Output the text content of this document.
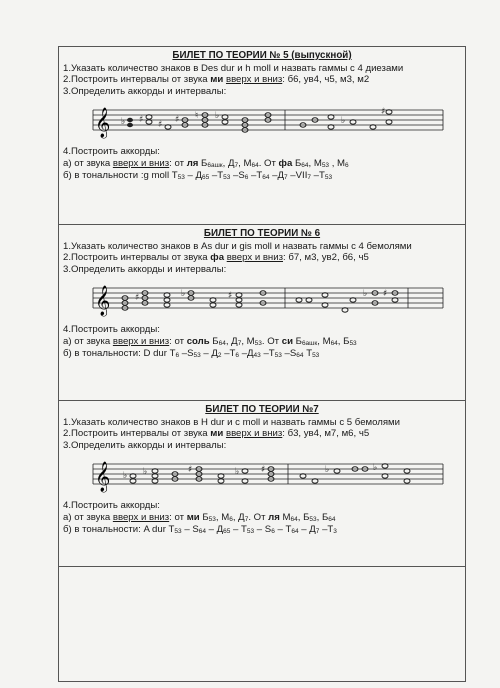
БИЛЕТ ПО ТЕОРИИ № 5 (выпускной)
1.Указать количество знаков в Des dur и h moll и назвать гаммы с 4 диезами
2.Построить интервалы от звука ми вверх и вниз: б6, ув4, ч5, м3, м2
3.Определить аккорды и интервалы:
𝄞 ♭ ♯ ♯ ♯ ♮ ♭	♭
♯
4.Построить аккорды:
а) от звука вверх и вниз: от ля $Б_{6ашк}$, $Д_7$, $М_{64}$. От фа $Б_{64}$, $М_{53}$ , $М_6$
б) в тональности :g moll $Т_{53} - Д_{65}$ $-Т_{53}$ $-S_6$ $-Т_{64}$ $-Д_7$ $-VII_7$ $-Т_{53}$
БИЛЕТ ПО ТЕОРИИ № 6
1.Указать количество знаков в As dur и gis moll и назвать гаммы с 4 бемолями
2.Построить интервалы от звука фа вверх и вниз: б7, м3, ув2, б6, ч5
3.Определить аккорды и интервалы:
𝄞	♯	♭	♯	♭ ♯
4.Построить аккорды:
а) от звука вверх и вниз: от соль $Б_{64}$, $Д_7$, $М_{53}$. От си $Б_{6ашк}$, $М_{64}$, $Б_{53}$
б) в тональности: D dur $Т_6$ $-S_{53} - Д_2$ $-Т_6$ $-Д_{43}$ $-Т_{53}$ $-S_{64}$ $Т_{53}$
БИЛЕТ ПО ТЕОРИИ №7
1.Указать количество знаков в H dur и c moll и назвать гаммы с 5 бемолями
2.Построить интервалы от звука ми вверх и вниз: б3, ув4, м7, м6, ч5
3.Определить аккорды и интервалы:
𝄞 ♭ ♭	♯	♭ ♯	♭	♭
4.Построить аккорды:
а) от звука вверх и вниз: от ми $Б_{53}$, $М_6$, $Д_7$. От ля $М_{64}$, $Б_{53}$, $Б_{64}$
б) в тональности: A dur $Т_{53} - S_{64} - Д_{65} - Т_{53} - S_6 - Т_{64} - Д_7$ $-Т_3$
